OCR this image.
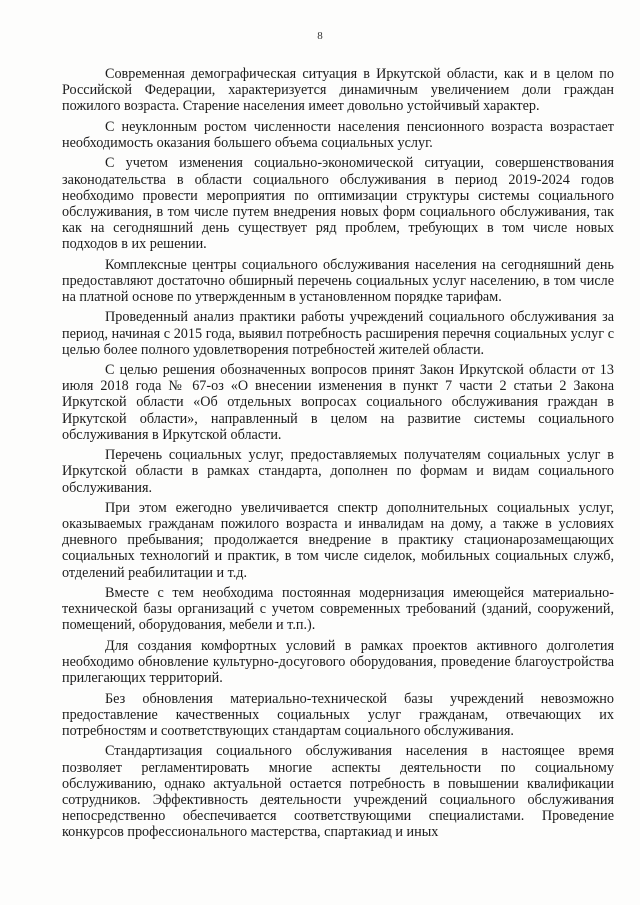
8

Современная демографическая ситуация в Иркутской области, как и в целом по Российской Федерации, характеризуется динамичным увеличением доли граждан пожилого возраста. Старение населения имеет довольно устойчивый характер.

С неуклонным ростом численности населения пенсионного возраста возрастает необходимость оказания большего объема социальных услуг.

С учетом изменения социально-экономической ситуации, совершенствования законодательства в области социального обслуживания в период 2019-2024 годов необходимо провести мероприятия по оптимизации структуры системы социального обслуживания, в том числе путем внедрения новых форм социального обслуживания, так как на сегодняшний день существует ряд проблем, требующих в том числе новых подходов в их решении.

Комплексные центры социального обслуживания населения на сегодняшний день предоставляют достаточно обширный перечень социальных услуг населению, в том числе на платной основе по утвержденным в установленном порядке тарифам.

Проведенный анализ практики работы учреждений социального обслуживания за период, начиная с 2015 года, выявил потребность расширения перечня социальных услуг с целью более полного удовлетворения потребностей жителей области.

С целью решения обозначенных вопросов принят Закон Иркутской области от 13 июля 2018 года № 67-оз «О внесении изменения в пункт 7 части 2 статьи 2 Закона Иркутской области «Об отдельных вопросах социального обслуживания граждан в Иркутской области», направленный в целом на развитие системы социального обслуживания в Иркутской области.

Перечень социальных услуг, предоставляемых получателям социальных услуг в Иркутской области в рамках стандарта, дополнен по формам и видам социального обслуживания.

При этом ежегодно увеличивается спектр дополнительных социальных услуг, оказываемых гражданам пожилого возраста и инвалидам на дому, а также в условиях дневного пребывания; продолжается внедрение в практику стационарозамещающих социальных технологий и практик, в том числе сиделок, мобильных социальных служб, отделений реабилитации и т.д.

Вместе с тем необходима постоянная модернизация имеющейся материально-технической базы организаций с учетом современных требований (зданий, сооружений, помещений, оборудования, мебели и т.п.).

Для создания комфортных условий в рамках проектов активного долголетия необходимо обновление культурно-досугового оборудования, проведение благоустройства прилегающих территорий.

Без обновления материально-технической базы учреждений невозможно предоставление качественных социальных услуг гражданам, отвечающих их потребностям и соответствующих стандартам социального обслуживания.

Стандартизация социального обслуживания населения в настоящее время позволяет регламентировать многие аспекты деятельности по социальному обслуживанию, однако актуальной остается потребность в повышении квалификации сотрудников. Эффективность деятельности учреждений социального обслуживания непосредственно обеспечивается соответствующими специалистами. Проведение конкурсов профессионального мастерства, спартакиад и иных
